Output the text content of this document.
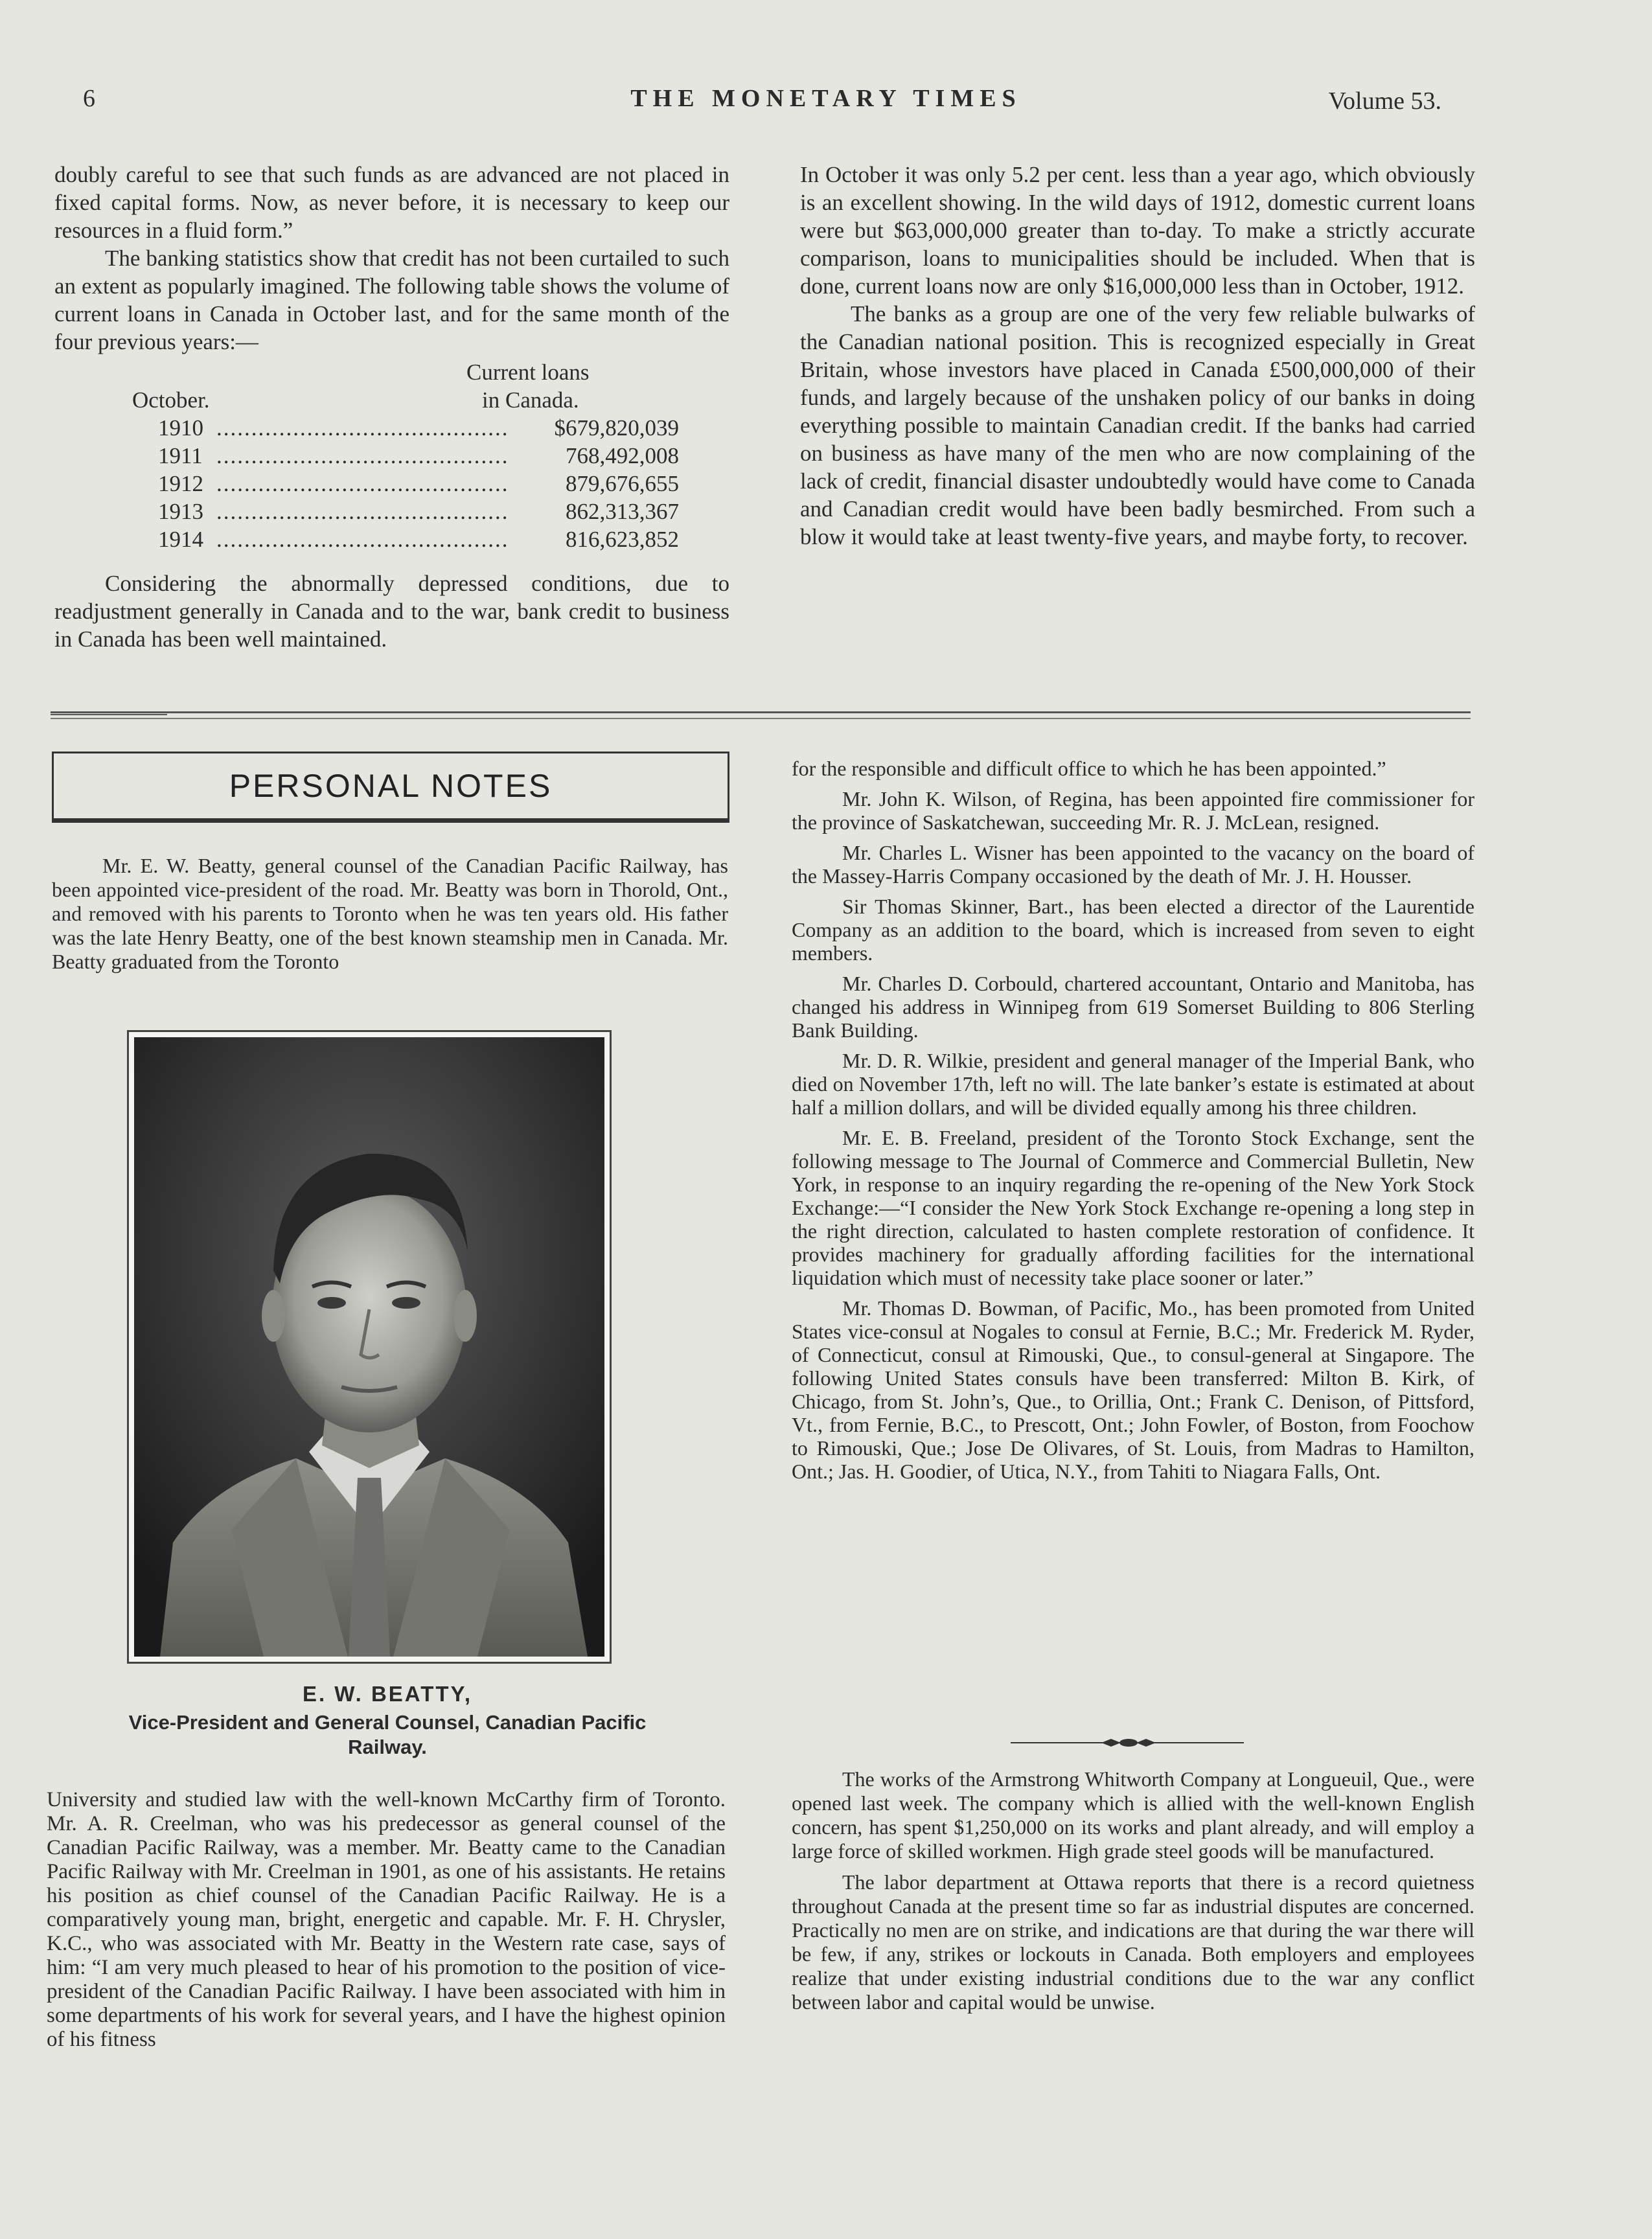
6	THE MONETARY TIMES	Volume 53.

doubly careful to see that such funds as are advanced are not placed in fixed capital forms. Now, as never before, it is necessary to keep our resources in a fluid form.”

The banking statistics show that credit has not been curtailed to such an extent as popularly imagined. The following table shows the volume of current loans in Canada in October last, and for the same month of the four previous years:—

Current loans
October.	in Canada.
1910 ..........................................	$679,820,039
1911 ..........................................	768,492,008
1912 ..........................................	879,676,655
1913 ..........................................	862,313,367
1914 ..........................................	816,623,852

Considering the abnormally depressed conditions, due to readjustment generally in Canada and to the war, bank credit to business in Canada has been well maintained.

In October it was only 5.2 per cent. less than a year ago, which obviously is an excellent showing. In the wild days of 1912, domestic current loans were but $63,000,000 greater than to-day. To make a strictly accurate comparison, loans to municipalities should be included. When that is done, current loans now are only $16,000,000 less than in October, 1912.

The banks as a group are one of the very few reliable bulwarks of the Canadian national position. This is recognized especially in Great Britain, whose investors have placed in Canada £500,000,000 of their funds, and largely because of the unshaken policy of our banks in doing everything possible to maintain Canadian credit. If the banks had carried on business as have many of the men who are now complaining of the lack of credit, financial disaster undoubtedly would have come to Canada and Canadian credit would have been badly besmirched. From such a blow it would take at least twenty-five years, and maybe forty, to recover.

PERSONAL NOTES

Mr. E. W. Beatty, general counsel of the Canadian Pacific Railway, has been appointed vice-president of the road. Mr. Beatty was born in Thorold, Ont., and removed with his parents to Toronto when he was ten years old. His father was the late Henry Beatty, one of the best known steamship men in Canada. Mr. Beatty graduated from the Toronto

E. W. BEATTY,
Vice-President and General Counsel, Canadian Pacific Railway.

University and studied law with the well-known McCarthy firm of Toronto. Mr. A. R. Creelman, who was his predecessor as general counsel of the Canadian Pacific Railway, was a member. Mr. Beatty came to the Canadian Pacific Railway with Mr. Creelman in 1901, as one of his assistants. He retains his position as chief counsel of the Canadian Pacific Railway. He is a comparatively young man, bright, energetic and capable. Mr. F. H. Chrysler, K.C., who was associated with Mr. Beatty in the Western rate case, says of him: “I am very much pleased to hear of his promotion to the position of vice-president of the Canadian Pacific Railway. I have been associated with him in some departments of his work for several years, and I have the highest opinion of his fitness

for the responsible and difficult office to which he has been appointed.”

Mr. John K. Wilson, of Regina, has been appointed fire commissioner for the province of Saskatchewan, succeeding Mr. R. J. McLean, resigned.

Mr. Charles L. Wisner has been appointed to the vacancy on the board of the Massey-Harris Company occasioned by the death of Mr. J. H. Housser.

Sir Thomas Skinner, Bart., has been elected a director of the Laurentide Company as an addition to the board, which is increased from seven to eight members.

Mr. Charles D. Corbould, chartered accountant, Ontario and Manitoba, has changed his address in Winnipeg from 619 Somerset Building to 806 Sterling Bank Building.

Mr. D. R. Wilkie, president and general manager of the Imperial Bank, who died on November 17th, left no will. The late banker’s estate is estimated at about half a million dollars, and will be divided equally among his three children.

Mr. E. B. Freeland, president of the Toronto Stock Exchange, sent the following message to The Journal of Commerce and Commercial Bulletin, New York, in response to an inquiry regarding the re-opening of the New York Stock Exchange:—“I consider the New York Stock Exchange re-opening a long step in the right direction, calculated to hasten complete restoration of confidence. It provides machinery for gradually affording facilities for the international liquidation which must of necessity take place sooner or later.”

Mr. Thomas D. Bowman, of Pacific, Mo., has been promoted from United States vice-consul at Nogales to consul at Fernie, B.C.; Mr. Frederick M. Ryder, of Connecticut, consul at Rimouski, Que., to consul-general at Singapore. The following United States consuls have been transferred: Milton B. Kirk, of Chicago, from St. John’s, Que., to Orillia, Ont.; Frank C. Denison, of Pittsford, Vt., from Fernie, B.C., to Prescott, Ont.; John Fowler, of Boston, from Foochow to Rimouski, Que.; Jose De Olivares, of St. Louis, from Madras to Hamilton, Ont.; Jas. H. Goodier, of Utica, N.Y., from Tahiti to Niagara Falls, Ont.

The works of the Armstrong Whitworth Company at Longueuil, Que., were opened last week. The company which is allied with the well-known English concern, has spent $1,250,000 on its works and plant already, and will employ a large force of skilled workmen. High grade steel goods will be manufactured.

The labor department at Ottawa reports that there is a record quietness throughout Canada at the present time so far as industrial disputes are concerned. Practically no men are on strike, and indications are that during the war there will be few, if any, strikes or lockouts in Canada. Both employers and employees realize that under existing industrial conditions due to the war any conflict between labor and capital would be unwise.
